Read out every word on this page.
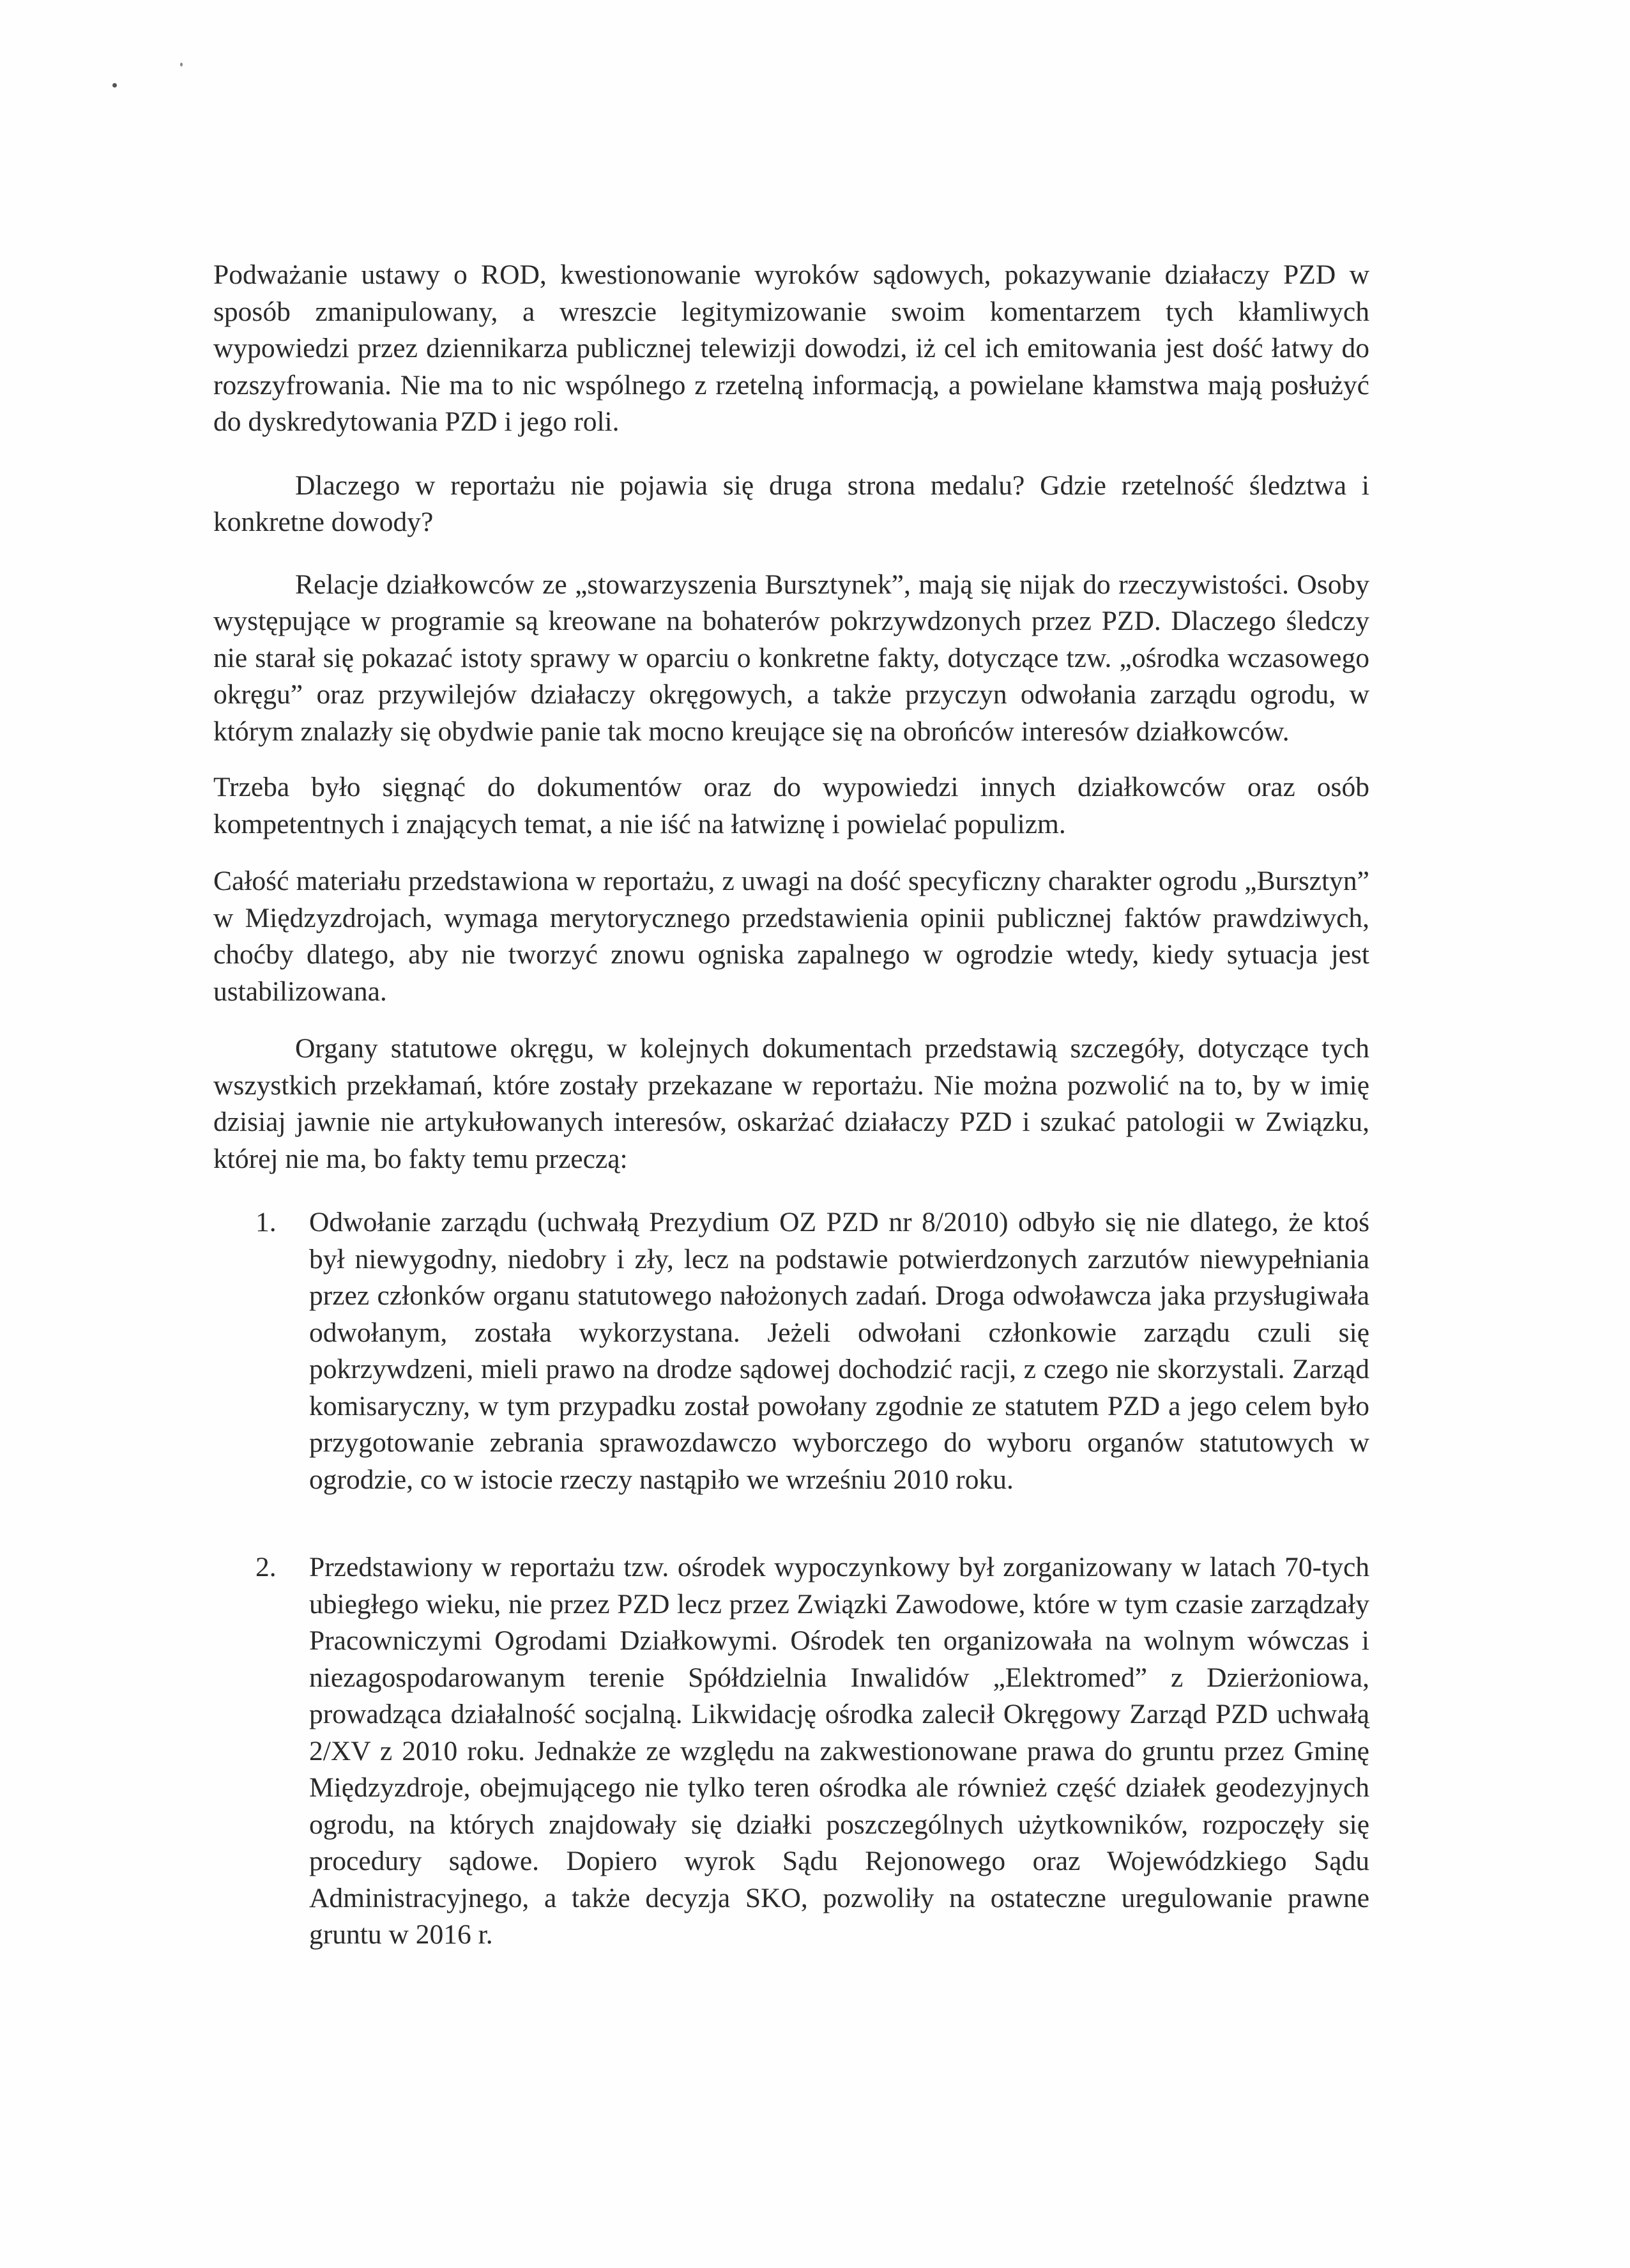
Podważanie ustawy o ROD, kwestionowanie wyroków sądowych, pokazywanie działaczy PZD w sposób zmanipulowany, a wreszcie legitymizowanie swoim komentarzem tych kłamliwych wypowiedzi przez dziennikarza publicznej telewizji dowodzi, iż cel ich emitowania jest dość łatwy do rozszyfrowania. Nie ma to nic wspólnego z rzetelną informacją, a powielane kłamstwa mają posłużyć do dyskredytowania PZD i jego roli.

Dlaczego w reportażu nie pojawia się druga strona medalu? Gdzie rzetelność śledztwa i konkretne dowody?

Relacje działkowców ze „stowarzyszenia Bursztynek”, mają się nijak do rzeczywistości. Osoby występujące w programie są kreowane na bohaterów pokrzywdzonych przez PZD. Dlaczego śledczy nie starał się pokazać istoty sprawy w oparciu o konkretne fakty, dotyczące tzw. „ośrodka wczasowego okręgu” oraz przywilejów działaczy okręgowych, a także przyczyn odwołania zarządu ogrodu, w którym znalazły się obydwie panie tak mocno kreujące się na obrońców interesów działkowców.

Trzeba było sięgnąć do dokumentów oraz do wypowiedzi innych działkowców oraz osób kompetentnych i znających temat, a nie iść na łatwiznę i powielać populizm.

Całość materiału przedstawiona w reportażu, z uwagi na dość specyficzny charakter ogrodu „Bursztyn” w Międzyzdrojach, wymaga merytorycznego przedstawienia opinii publicznej faktów prawdziwych, choćby dlatego, aby nie tworzyć znowu ogniska zapalnego w ogrodzie wtedy, kiedy sytuacja jest ustabilizowana.

Organy statutowe okręgu, w kolejnych dokumentach przedstawią szczegóły, dotyczące tych wszystkich przekłamań, które zostały przekazane w reportażu. Nie można pozwolić na to, by w imię dzisiaj jawnie nie artykułowanych interesów, oskarżać działaczy PZD i szukać patologii w Związku, której nie ma, bo fakty temu przeczą:

1. Odwołanie zarządu (uchwałą Prezydium OZ PZD nr 8/2010) odbyło się nie dlatego, że ktoś był niewygodny, niedobry i zły, lecz na podstawie potwierdzonych zarzutów niewypełniania przez członków organu statutowego nałożonych zadań. Droga odwoławcza jaka przysługiwała odwołanym, została wykorzystana. Jeżeli odwołani członkowie zarządu czuli się pokrzywdzeni, mieli prawo na drodze sądowej dochodzić racji, z czego nie skorzystali. Zarząd komisaryczny, w tym przypadku został powołany zgodnie ze statutem PZD a jego celem było przygotowanie zebrania sprawozdawczo wyborczego do wyboru organów statutowych w ogrodzie, co w istocie rzeczy nastąpiło we wrześniu 2010 roku.
2. Przedstawiony w reportażu tzw. ośrodek wypoczynkowy był zorganizowany w latach 70-tych ubiegłego wieku, nie przez PZD lecz przez Związki Zawodowe, które w tym czasie zarządzały Pracowniczymi Ogrodami Działkowymi. Ośrodek ten organizowała na wolnym wówczas i niezagospodarowanym terenie Spółdzielnia Inwalidów „Elektromed” z Dzierżoniowa, prowadząca działalność socjalną. Likwidację ośrodka zalecił Okręgowy Zarząd PZD uchwałą 2/XV z 2010 roku. Jednakże ze względu na zakwestionowane prawa do gruntu przez Gminę Międzyzdroje, obejmującego nie tylko teren ośrodka ale również część działek geodezyjnych ogrodu, na których znajdowały się działki poszczególnych użytkowników, rozpoczęły się procedury sądowe. Dopiero wyrok Sądu Rejonowego oraz Wojewódzkiego Sądu Administracyjnego, a także decyzja SKO, pozwoliły na ostateczne uregulowanie prawne gruntu w 2016 r.
